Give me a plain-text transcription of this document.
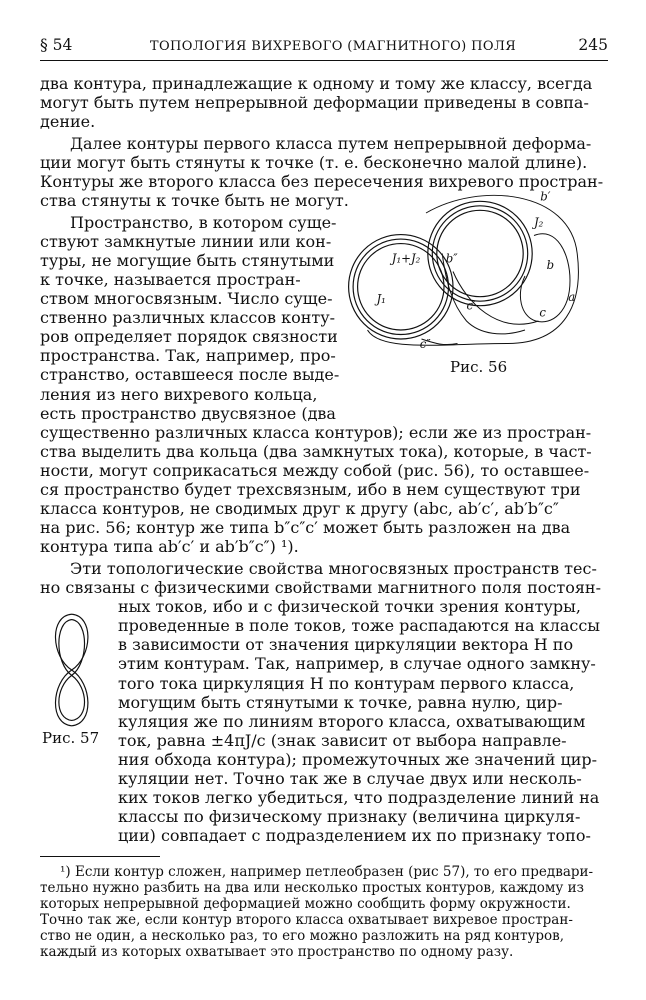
§ 54	ТОПОЛОГИЯ ВИХРЕВОГО (МАГНИТНОГО) ПОЛЯ	245
два контура, принадлежащие к одному и тому же классу, всегда
могут быть путем непрерывной деформации приведены в совпа-
дение.
Далее контуры первого класса путем непрерывной деформа-
ции могут быть стянуты к точке (т. е. бесконечно малой длине).
Контуры же второго класса без пересечения вихревого простран-
ства стянуты к точке быть не могут.
Пространство, в котором суще-
ствуют замкнутые линии или кон-
туры, не могущие быть стянутыми
к точке, называется простран-
ством многосвязным. Число суще-
ственно различных классов конту-
ров определяет порядок связности
пространства. Так, например, про-
странство, оставшееся после выде-
ления из него вихревого кольца,
есть пространство двусвязное (два
b′
J₂
J₁+J₂ b″	b
a
J₁	c′
c
c″
Рис. 56
существенно различных класса контуров); если же из простран-
ства выделить два кольца (два замкнутых тока), которые, в част-
ности, могут соприкасаться между собой (рис. 56), то оставшее-
ся пространство будет трехсвязным, ибо в нем существуют три
класса контуров, не сводимых друг к другу (abc, ab′c′, ab′b″c″
на рис. 56; контур же типа b″c″c′ может быть разложен на два
контура типа ab′c′ и ab′b″c″) ¹).
Эти топологические свойства многосвязных пространств тес-
но связаны с физическими свойствами магнитного поля постоян-
ных токов, ибо и с физической точки зрения контуры,
проведенные в поле токов, тоже распадаются на классы
в зависимости от значения циркуляции вектора H по
этим контурам. Так, например, в случае одного замкну-
того тока циркуляция H по контурам первого класса,
могущим быть стянутыми к точке, равна нулю, цир-
куляция же по линиям второго класса, охватывающим
ток, равна ±4πJ/c (знак зависит от выбора направле-
ния обхода контура); промежуточных же значений цир-
куляции нет. Точно так же в случае двух или несколь-
ких токов легко убедиться, что подразделение линий на
классы по физическому признаку (величина циркуля-
ции) совпадает с подразделением их по признаку топо-
Рис. 57
¹) Если контур сложен, например петлеобразен (рис 57), то его предвари-
тельно нужно разбить на два или несколько простых контуров, каждому из
которых непрерывной деформацией можно сообщить форму окружности.
Точно так же, если контур второго класса охватывает вихревое простран-
ство не один, а несколько раз, то его можно разложить на ряд контуров,
каждый из которых охватывает это пространство по одному разу.
